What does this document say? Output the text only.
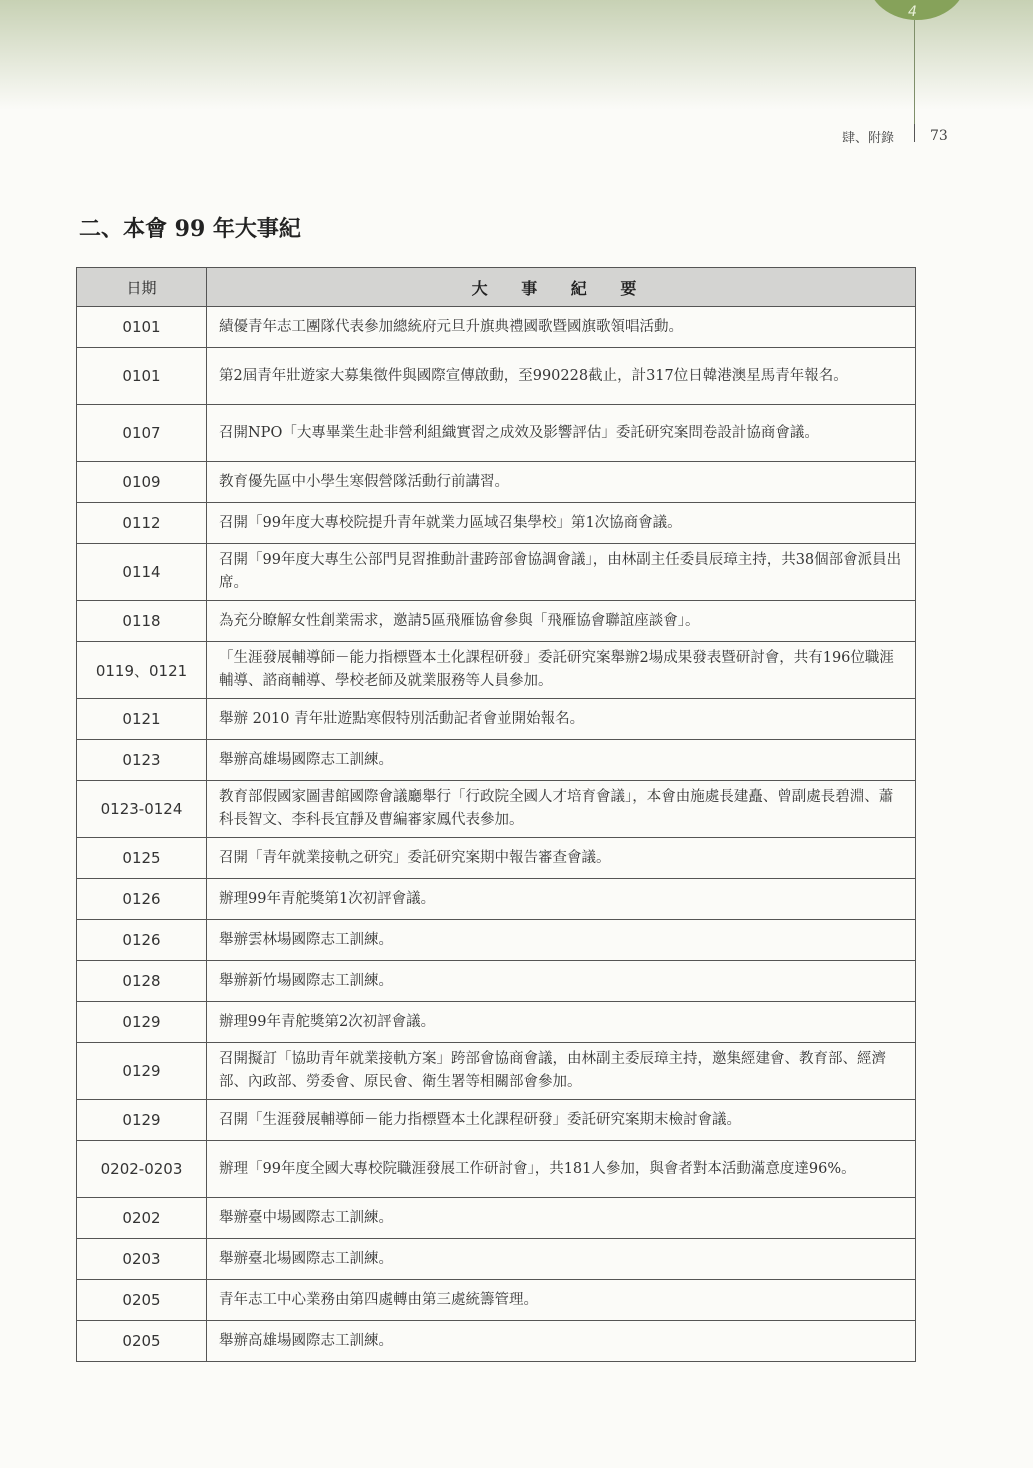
4
肆、附錄	73
二、本會 99 年大事紀
日期	大 事 紀 要
0101	績優青年志工團隊代表參加總統府元旦升旗典禮國歌暨國旗歌領唱活動。
0101	第2屆青年壯遊家大募集徵件與國際宣傳啟動，至990228截止，計317位日韓港澳星馬青年報名。
0107	召開NPO「大專畢業生赴非營利組織實習之成效及影響評估」委託研究案問卷設計協商會議。
0109	教育優先區中小學生寒假營隊活動行前講習。
0112	召開「99年度大專校院提升青年就業力區域召集學校」第1次協商會議。
0114	召開「99年度大專生公部門見習推動計畫跨部會協調會議」，由林副主任委員辰璋主持，共38個部會派員出席。
0118	為充分瞭解女性創業需求，邀請5區飛雁協會參與「飛雁協會聯誼座談會」。
0119、0121	「生涯發展輔導師－能力指標暨本土化課程研發」委託研究案舉辦2場成果發表暨研討會，共有196位職涯輔導、諮商輔導、學校老師及就業服務等人員參加。
0121	舉辦 2010 青年壯遊點寒假特別活動記者會並開始報名。
0123	舉辦高雄場國際志工訓練。
0123-0124	教育部假國家圖書館國際會議廳舉行「行政院全國人才培育會議」，本會由施處長建矗、曾副處長碧淵、蕭科長智文、李科長宜靜及曹編審家鳳代表參加。
0125	召開「青年就業接軌之研究」委託研究案期中報告審查會議。
0126	辦理99年青舵獎第1次初評會議。
0126	舉辦雲林場國際志工訓練。
0128	舉辦新竹場國際志工訓練。
0129	辦理99年青舵獎第2次初評會議。
0129	召開擬訂「協助青年就業接軌方案」跨部會協商會議，由林副主委辰璋主持，邀集經建會、教育部、經濟部、內政部、勞委會、原民會、衛生署等相關部會參加。
0129	召開「生涯發展輔導師－能力指標暨本土化課程研發」委託研究案期末檢討會議。
0202-0203	辦理「99年度全國大專校院職涯發展工作研討會」，共181人參加，與會者對本活動滿意度達96%。
0202	舉辦臺中場國際志工訓練。
0203	舉辦臺北場國際志工訓練。
0205	青年志工中心業務由第四處轉由第三處統籌管理。
0205	舉辦高雄場國際志工訓練。
